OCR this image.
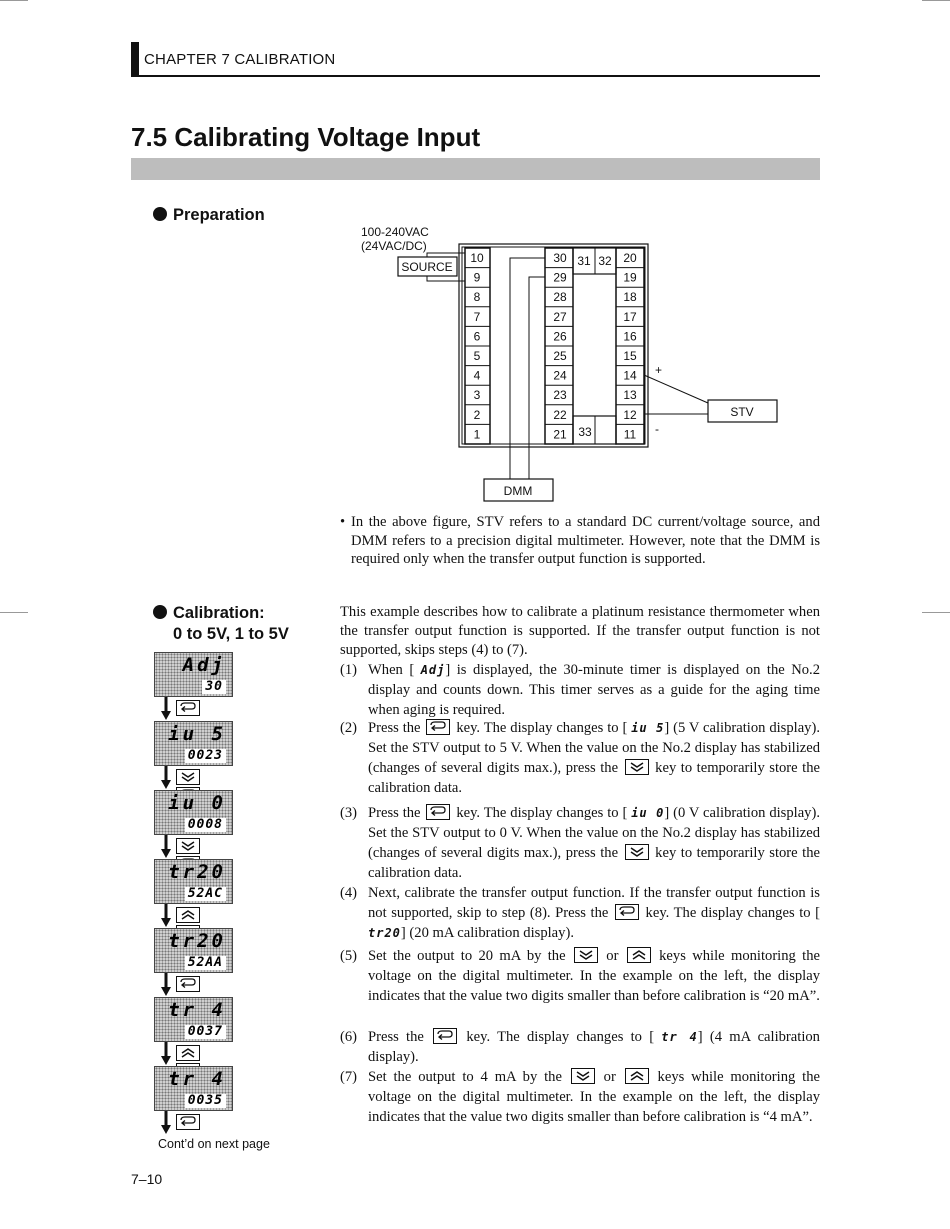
CHAPTER 7 CALIBRATION
7.5 Calibrating Voltage Input
Preparation
100-240VAC
(24VAC/DC)
SOURCE
10
9
8
7
6
5
4
3
2
1
30
29
28
27
26
25
24
23
22
21
20
19
18
17
16
15
14
13
12
11
31 32
33
DMM
STV
+
-
• In the above figure, STV refers to a standard DC current/voltage source, and DMM refers to a precision digital multimeter. However, note that the DMM is required only when the transfer output function is supported.
Calibration:
0 to 5V, 1 to 5V
This example describes how to calibrate a platinum resistance thermometer when the transfer output function is supported. If the transfer output function is not supported, skips steps (4) to (7).
Adj
30
iu 5
0023
iu 0
0008
tr20
52AC
tr20
52AA
tr 4
0037
tr 4
0035
Cont’d on next page
(1) When [ Adj] is displayed, the 30-minute timer is displayed on the No.2 display and counts down. This timer serves as a guide for the aging time when aging is required.
(2) Press the key. The display changes to [ iu 5] (5 V calibration display). Set the STV output to 5 V. When the value on the No.2 display has stabilized (changes of several digits max.), press the	key to temporarily store the calibration data.
(3) Press the key. The display changes to [ iu 0] (0 V calibration display). Set the STV output to 0 V. When the value on the No.2 display has stabilized (changes of several digits max.), press the	key to temporarily store the calibration data.
(4) Next, calibrate the transfer output function. If the transfer output function is not supported, skip to step (8). Press the	key. The display changes to [ tr20] (20 mA calibration display).
(5) Set the output to 20 mA by the	or	keys while monitoring the voltage on the digital multimeter. In the example on the left, the display indicates that the value two digits smaller than before calibration is “20 mA”.
(6) Press the	key. The display changes to [ tr 4] (4 mA calibration display).
(7) Set the output to 4 mA by the	or	keys while monitoring the voltage on the digital multimeter. In the example on the left, the display indicates that the value two digits smaller than before calibration is “4 mA”.
7–10
